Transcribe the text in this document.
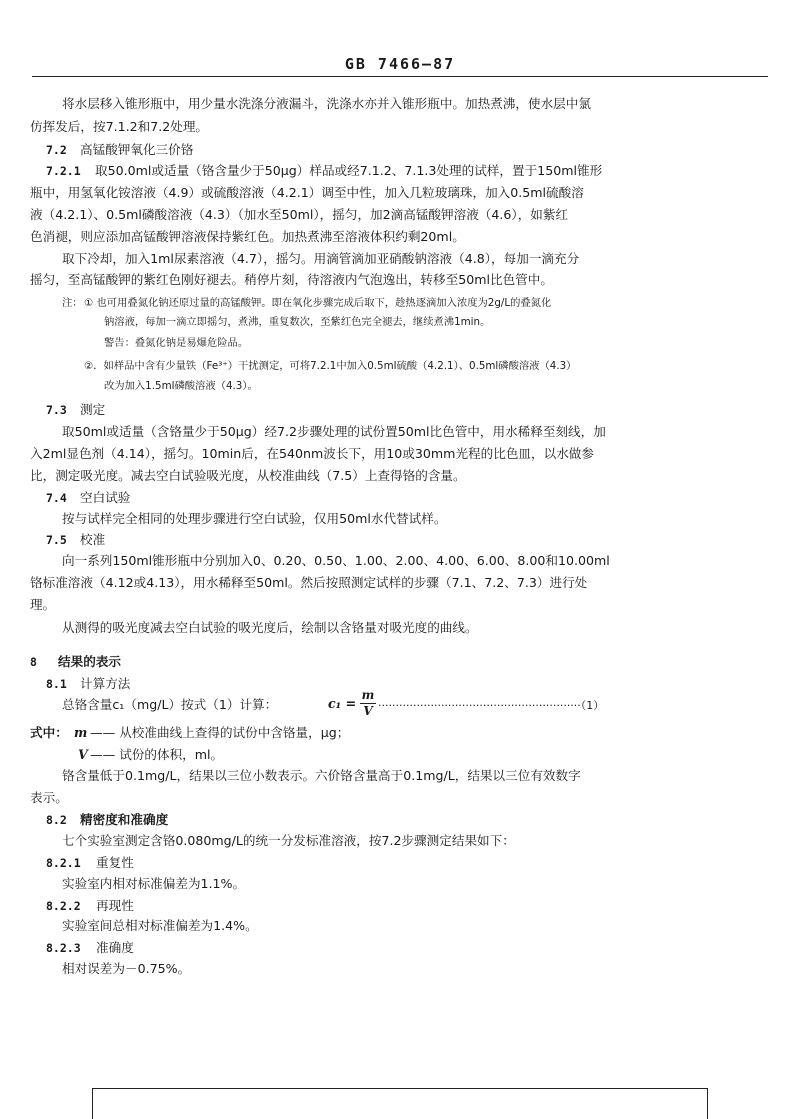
GB 7466—87
将水层移入锥形瓶中，用少量水洗涤分液漏斗，洗涤水亦并入锥形瓶中。加热煮沸，使水层中氯
仿挥发后，按7.1.2和7.2处理。
7.2 高锰酸钾氧化三价铬
7.2.1 取50.0ml或适量（铬含量少于50μg）样品或经7.1.2、7.1.3处理的试样，置于150ml锥形
瓶中，用氢氧化铵溶液（4.9）或硫酸溶液（4.2.1）调至中性，加入几粒玻璃珠，加入0.5ml硫酸溶
液（4.2.1）、0.5ml磷酸溶液（4.3）（加水至50ml），摇匀，加2滴高锰酸钾溶液（4.6），如紫红
色消褪，则应添加高锰酸钾溶液保持紫红色。加热煮沸至溶液体积约剩20ml。
取下冷却，加入1ml尿素溶液（4.7），摇匀。用滴管滴加亚硝酸钠溶液（4.8），每加一滴充分
摇匀，至高锰酸钾的紫红色刚好褪去。稍停片刻，待溶液内气泡逸出，转移至50ml比色管中。
注： ① 也可用叠氮化钠还原过量的高锰酸钾。即在氧化步骤完成后取下，趁热逐滴加入浓度为2g/L的叠氮化
钠溶液，每加一滴立即摇匀，煮沸，重复数次，至紫红色完全褪去，继续煮沸1min。
警告：叠氮化钠是易爆危险品。
②．如样品中含有少量铁（Fe³⁺）干扰测定，可将7.2.1中加入0.5ml硫酸（4.2.1）、0.5ml磷酸溶液（4.3）
改为加入1.5ml磷酸溶液（4.3）。
7.3 测定
取50ml或适量（含铬量少于50μg）经7.2步骤处理的试份置50ml比色管中，用水稀释至刻线，加
入2ml显色剂（4.14），摇匀。10min后，在540nm波长下，用10或30mm光程的比色皿，以水做参
比，测定吸光度。减去空白试验吸光度，从校准曲线（7.5）上查得铬的含量。
7.4 空白试验
按与试样完全相同的处理步骤进行空白试验，仅用50ml水代替试样。
7.5 校准
向一系列150ml锥形瓶中分别加入0、0.20、0.50、1.00、2.00、4.00、6.00、8.00和10.00ml
铬标准溶液（4.12或4.13），用水稀释至50ml。然后按照测定试样的步骤（7.1、7.2、7.3）进行处
理。
从测得的吸光度减去空白试验的吸光度后，绘制以含铬量对吸光度的曲线。
8 结果的表示
8.1 计算方法
总铬含量c₁（mg/L）按式（1）计算：	c₁ =
m
V ··························································（1）
式中： m —— 从校准曲线上查得的试份中含铬量，μg；
V —— 试份的体积，ml。
铬含量低于0.1mg/L，结果以三位小数表示。六价铬含量高于0.1mg/L，结果以三位有效数字
表示。
8.2 精密度和准确度
七个实验室测定含铬0.080mg/L的统一分发标准溶液，按7.2步骤测定结果如下：
8.2.1 重复性
实验室内相对标准偏差为1.1%。
8.2.2 再现性
实验室间总相对标准偏差为1.4%。
8.2.3 准确度
相对误差为－0.75%。
